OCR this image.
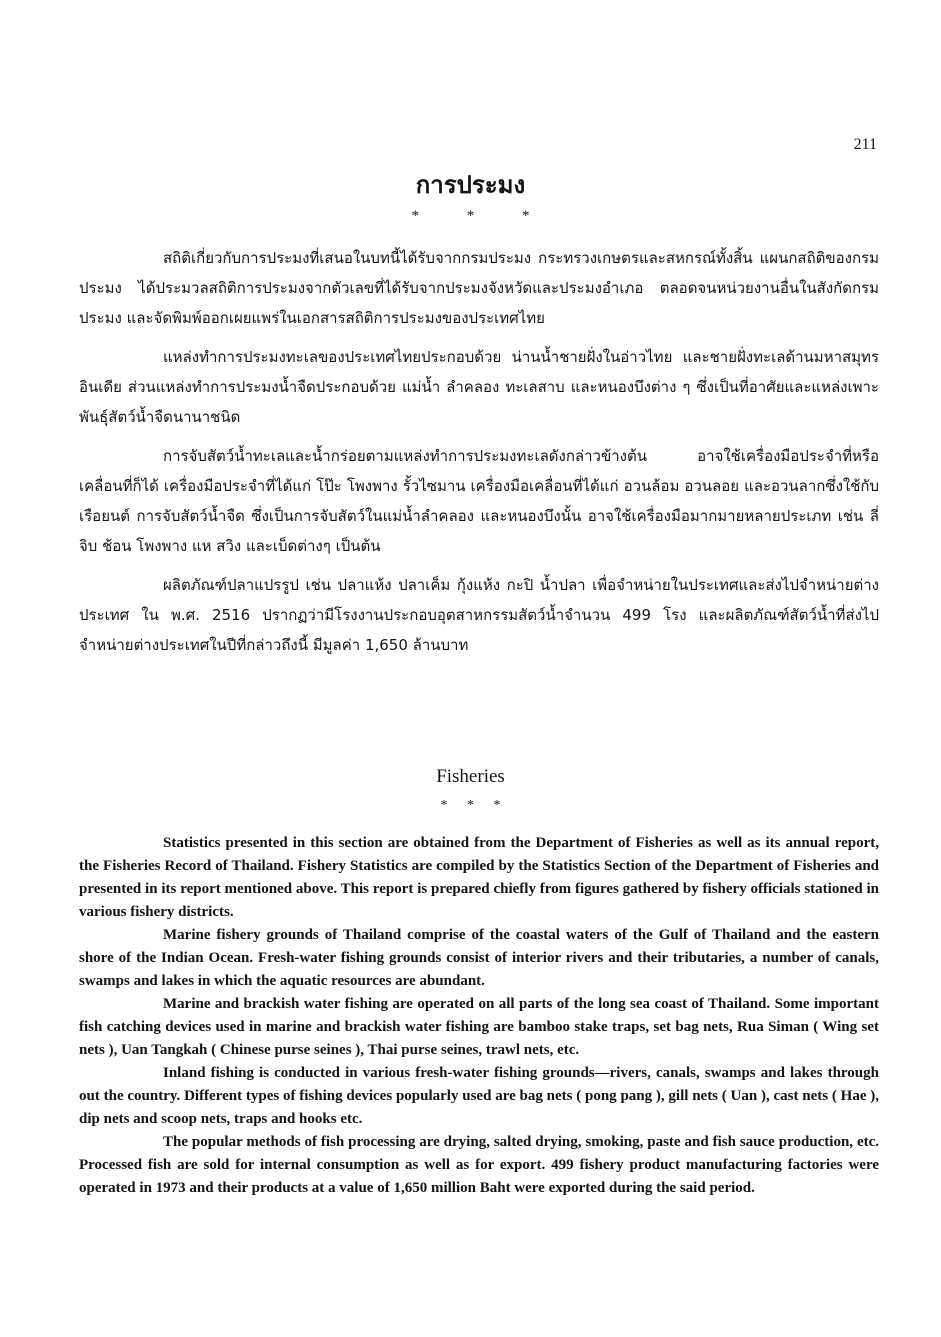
211
การประมง
* * *

สถิติเกี่ยวกับการประมงที่เสนอในบทนี้ได้รับจากกรมประมง กระทรวงเกษตรและสหกรณ์ทั้งสิ้น แผนกสถิติของกรมประมง ได้ประมวลสถิติการประมงจากตัวเลขที่ได้รับจากประมงจังหวัดและประมงอำเภอ ตลอดจนหน่วยงานอื่นในสังกัดกรมประมง และจัดพิมพ์ออกเผยแพร่ในเอกสารสถิติการประมงของประเทศไทย

แหล่งทำการประมงทะเลของประเทศไทยประกอบด้วย น่านน้ำชายฝั่งในอ่าวไทย และชายฝั่งทะเลด้านมหาสมุทรอินเดีย ส่วนแหล่งทำการประมงน้ำจืดประกอบด้วย แม่น้ำ ลำคลอง ทะเลสาบ และหนองบึงต่าง ๆ ซึ่งเป็นที่อาศัยและแหล่งเพาะพันธุ์สัตว์น้ำจืดนานาชนิด

การจับสัตว์น้ำทะเลและน้ำกร่อยตามแหล่งทำการประมงทะเลดังกล่าวข้างต้น อาจใช้เครื่องมือประจำที่หรือเคลื่อนที่ก็ได้ เครื่องมือประจำที่ได้แก่ โป๊ะ โพงพาง รั้วไซมาน เครื่องมือเคลื่อนที่ได้แก่ อวนล้อม อวนลอย และอวนลากซึ่งใช้กับเรือยนต์ การจับสัตว์น้ำจืด ซึ่งเป็นการจับสัตว์ในแม่น้ำลำคลอง และหนองบึงนั้น อาจใช้เครื่องมือมากมายหลายประเภท เช่น ลี่ จิบ ช้อน โพงพาง แห สวิง และเบ็ดต่างๆ เป็นต้น

ผลิตภัณฑ์ปลาแปรรูป เช่น ปลาแห้ง ปลาเค็ม กุ้งแห้ง กะปิ น้ำปลา เพื่อจำหน่ายในประเทศและส่งไปจำหน่ายต่างประเทศ ใน พ.ศ. 2516 ปรากฏว่ามีโรงงานประกอบอุตสาหกรรมสัตว์น้ำจำนวน 499 โรง และผลิตภัณฑ์สัตว์น้ำที่ส่งไปจำหน่ายต่างประเทศในปีที่กล่าวถึงนี้ มีมูลค่า 1,650 ล้านบาท

Fisheries
* * *

Statistics presented in this section are obtained from the Department of Fisheries as well as its annual report, the Fisheries Record of Thailand. Fishery Statistics are compiled by the Statistics Section of the Department of Fisheries and presented in its report mentioned above. This report is prepared chiefly from figures gathered by fishery officials stationed in various fishery districts.

Marine fishery grounds of Thailand comprise of the coastal waters of the Gulf of Thailand and the eastern shore of the Indian Ocean. Fresh-water fishing grounds consist of interior rivers and their tributaries, a number of canals, swamps and lakes in which the aquatic resources are abundant.

Marine and brackish water fishing are operated on all parts of the long sea coast of Thailand. Some important fish catching devices used in marine and brackish water fishing are bamboo stake traps, set bag nets, Rua Siman ( Wing set nets ), Uan Tangkah ( Chinese purse seines ), Thai purse seines, trawl nets, etc.

Inland fishing is conducted in various fresh-water fishing grounds—rivers, canals, swamps and lakes through out the country. Different types of fishing devices popularly used are bag nets ( pong pang ), gill nets ( Uan ), cast nets ( Hae ), dip nets and scoop nets, traps and hooks etc.

The popular methods of fish processing are drying, salted drying, smoking, paste and fish sauce production, etc. Processed fish are sold for internal consumption as well as for export. 499 fishery product manufacturing factories were operated in 1973 and their products at a value of 1,650 million Baht were exported during the said period.
